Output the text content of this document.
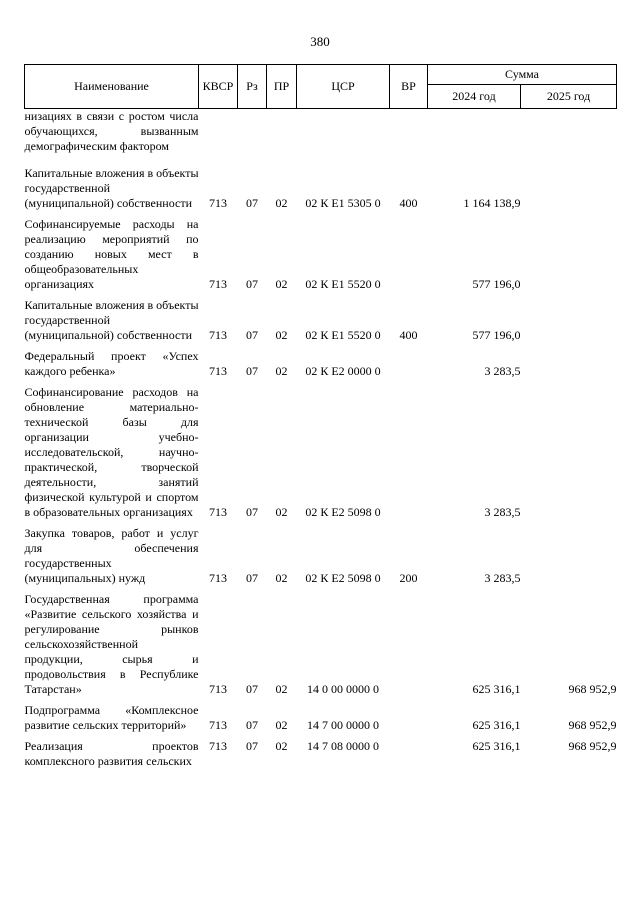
380
Наименование	КВСР	Рз	ПР	ЦСР	ВР	Сумма	
						2024 год	2025 год
низациях в связи с ростом числа обучающихся, вызванным демографическим фактором							
Капитальные вложения в объекты государственной (муниципальной) собственности	713	07	02	02 К Е1 5305 0	400	1 164 138,9	
Софинансируемые расходы на реализацию мероприятий по созданию новых мест в общеобразовательных организациях	713	07	02	02 К Е1 5520 0		577 196,0	
Капитальные вложения в объекты государственной (муниципальной) собственности	713	07	02	02 К Е1 5520 0	400	577 196,0	
Федеральный проект «Успех каждого ребенка»	713	07	02	02 К Е2 0000 0		3 283,5	
Софинансирование расходов на обновление материально-технической базы для организации учебно-исследовательской, научно-практической, творческой деятельности, занятий физической культурой и спортом в образовательных организациях	713	07	02	02 К Е2 5098 0		3 283,5	
Закупка товаров, работ и услуг для обеспечения государственных (муниципальных) нужд	713	07	02	02 К Е2 5098 0	200	3 283,5	
Государственная программа «Развитие сельского хозяйства и регулирование рынков сельскохозяйственной продукции, сырья и продовольствия в Республике Татарстан»	713	07	02	14 0 00 0000 0		625 316,1	968 952,9
Подпрограмма «Комплексное развитие сельских территорий»	713	07	02	14 7 00 0000 0		625 316,1	968 952,9
Реализация проектов комплексного развития сельских	713	07	02	14 7 08 0000 0		625 316,1	968 952,9
